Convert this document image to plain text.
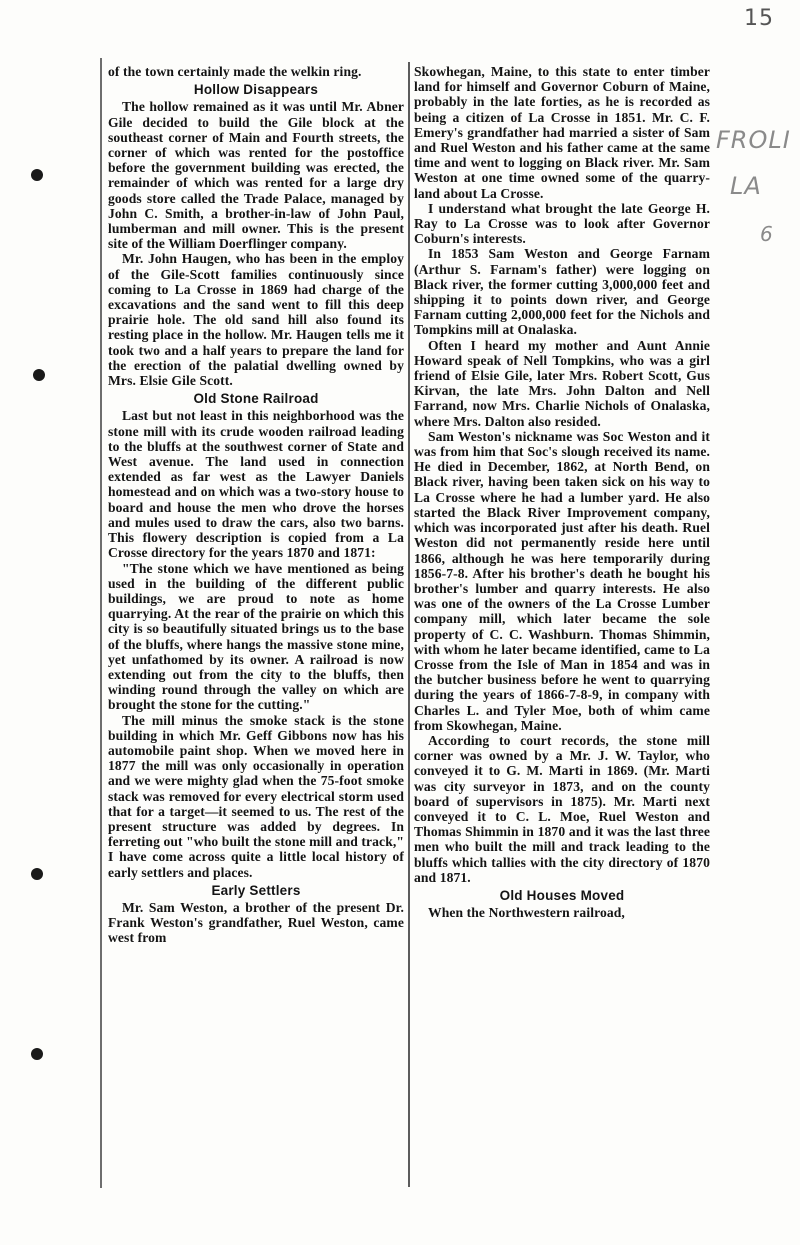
15
FROLI
LA
6

of the town certainly made the welkin ring.

Hollow Disappears

The hollow remained as it was until Mr. Abner Gile decided to build the Gile block at the southeast corner of Main and Fourth streets, the corner of which was rented for the postoffice before the government building was erected, the remainder of which was rented for a large dry goods store called the Trade Palace, managed by John C. Smith, a brother-in-law of John Paul, lumberman and mill owner. This is the present site of the William Doerflinger company.

Mr. John Haugen, who has been in the employ of the Gile-Scott families continuously since coming to La Crosse in 1869 had charge of the excavations and the sand went to fill this deep prairie hole. The old sand hill also found its resting place in the hollow. Mr. Haugen tells me it took two and a half years to prepare the land for the erection of the palatial dwelling owned by Mrs. Elsie Gile Scott.

Old Stone Railroad

Last but not least in this neighborhood was the stone mill with its crude wooden railroad leading to the bluffs at the southwest corner of State and West avenue. The land used in connection extended as far west as the Lawyer Daniels homestead and on which was a two-story house to board and house the men who drove the horses and mules used to draw the cars, also two barns. This flowery description is copied from a La Crosse directory for the years 1870 and 1871:

"The stone which we have mentioned as being used in the building of the different public buildings, we are proud to note as home quarrying. At the rear of the prairie on which this city is so beautifully situated brings us to the base of the bluffs, where hangs the massive stone mine, yet unfathomed by its owner. A railroad is now extending out from the city to the bluffs, then winding round through the valley on which are brought the stone for the cutting."

The mill minus the smoke stack is the stone building in which Mr. Geff Gibbons now has his automobile paint shop. When we moved here in 1877 the mill was only occasionally in operation and we were mighty glad when the 75-foot smoke stack was removed for every electrical storm used that for a target—it seemed to us. The rest of the present structure was added by degrees. In ferreting out "who built the stone mill and track," I have come across quite a little local history of early settlers and places.

Early Settlers

Mr. Sam Weston, a brother of the present Dr. Frank Weston's grandfather, Ruel Weston, came west from

Skowhegan, Maine, to this state to enter timber land for himself and Governor Coburn of Maine, probably in the late forties, as he is recorded as being a citizen of La Crosse in 1851. Mr. C. F. Emery's grandfather had married a sister of Sam and Ruel Weston and his father came at the same time and went to logging on Black river. Mr. Sam Weston at one time owned some of the quarry-land about La Crosse.

I understand what brought the late George H. Ray to La Crosse was to look after Governor Coburn's interests.

In 1853 Sam Weston and George Farnam (Arthur S. Farnam's father) were logging on Black river, the former cutting 3,000,000 feet and shipping it to points down river, and George Farnam cutting 2,000,000 feet for the Nichols and Tompkins mill at Onalaska.

Often I heard my mother and Aunt Annie Howard speak of Nell Tompkins, who was a girl friend of Elsie Gile, later Mrs. Robert Scott, Gus Kirvan, the late Mrs. John Dalton and Nell Farrand, now Mrs. Charlie Nichols of Onalaska, where Mrs. Dalton also resided.

Sam Weston's nickname was Soc Weston and it was from him that Soc's slough received its name. He died in December, 1862, at North Bend, on Black river, having been taken sick on his way to La Crosse where he had a lumber yard. He also started the Black River Improvement company, which was incorporated just after his death. Ruel Weston did not permanently reside here until 1866, although he was here temporarily during 1856-7-8. After his brother's death he bought his brother's lumber and quarry interests. He also was one of the owners of the La Crosse Lumber company mill, which later became the sole property of C. C. Washburn. Thomas Shimmin, with whom he later became identified, came to La Crosse from the Isle of Man in 1854 and was in the butcher business before he went to quarrying during the years of 1866-7-8-9, in company with Charles L. and Tyler Moe, both of whim came from Skowhegan, Maine.

According to court records, the stone mill corner was owned by a Mr. J. W. Taylor, who conveyed it to G. M. Marti in 1869. (Mr. Marti was city surveyor in 1873, and on the county board of supervisors in 1875). Mr. Marti next conveyed it to C. L. Moe, Ruel Weston and Thomas Shimmin in 1870 and it was the last three men who built the mill and track leading to the bluffs which tallies with the city directory of 1870 and 1871.

Old Houses Moved

When the Northwestern railroad,
